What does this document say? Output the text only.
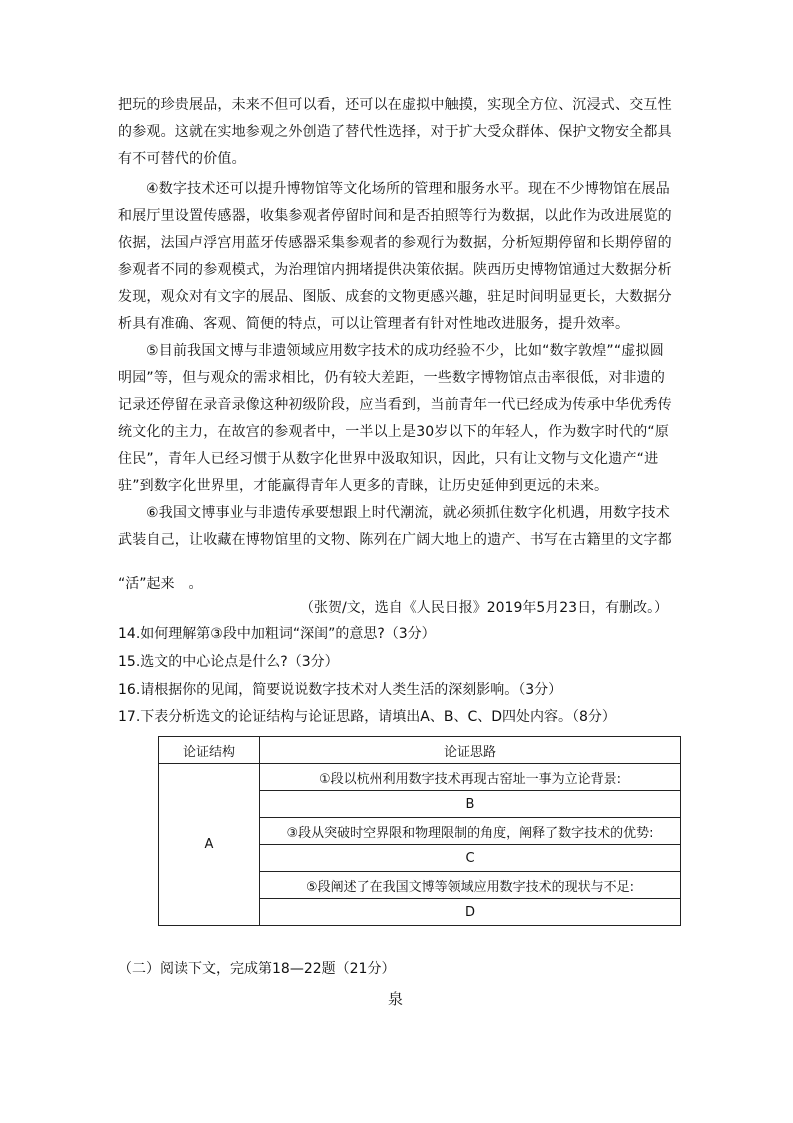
把玩的珍贵展品，未来不但可以看，还可以在虚拟中触摸，实现全方位、沉浸式、交互性的参观。这就在实地参观之外创造了替代性选择，对于扩大受众群体、保护文物安全都具有不可替代的价值。

④数字技术还可以提升博物馆等文化场所的管理和服务水平。现在不少博物馆在展品和展厅里设置传感器，收集参观者停留时间和是否拍照等行为数据，以此作为改进展览的依据，法国卢浮宫用蓝牙传感器采集参观者的参观行为数据，分析短期停留和长期停留的参观者不同的参观模式，为治理馆内拥堵提供决策依据。陕西历史博物馆通过大数据分析发现，观众对有文字的展品、图版、成套的文物更感兴趣，驻足时间明显更长，大数据分析具有准确、客观、简便的特点，可以让管理者有针对性地改进服务，提升效率。

⑤目前我国文博与非遗领域应用数字技术的成功经验不少，比如“数字敦煌”“虚拟圆明园”等，但与观众的需求相比，仍有较大差距，一些数字博物馆点击率很低，对非遗的记录还停留在录音录像这种初级阶段，应当看到，当前青年一代已经成为传承中华优秀传统文化的主力，在故宫的参观者中，一半以上是30岁以下的年轻人，作为数字时代的“原住民”，青年人已经习惯于从数字化世界中汲取知识，因此，只有让文物与文化遗产“进驻”到数字化世界里，才能赢得青年人更多的青睐，让历史延伸到更远的未来。

⑥我国文博事业与非遗传承要想跟上时代潮流，就必须抓住数字化机遇，用数字技术武装自己，让收藏在博物馆里的文物、陈列在广阔大地上的遗产、书写在古籍里的文字都

“活”起来　。

（张贺/文，选自《人民日报》2019年5月23日，有删改。）

14.如何理解第③段中加粗词“深闺”的意思?（3分）

15.选文的中心论点是什么?（3分）

16.请根据你的见闻，简要说说数字技术对人类生活的深刻影响。（3分）

17.下表分析选文的论证结构与论证思路，请填出A、B、C、D四处内容。（8分）

论证结构	论证思路
A	①段以杭州利用数字技术再现古窑址一事为立论背景:
	B
	③段从突破时空界限和物理限制的角度，阐释了数字技术的优势:
	C
	⑤段阐述了在我国文博等领域应用数字技术的现状与不足:
	D

（二）阅读下文，完成第18—22题（21分）

泉
